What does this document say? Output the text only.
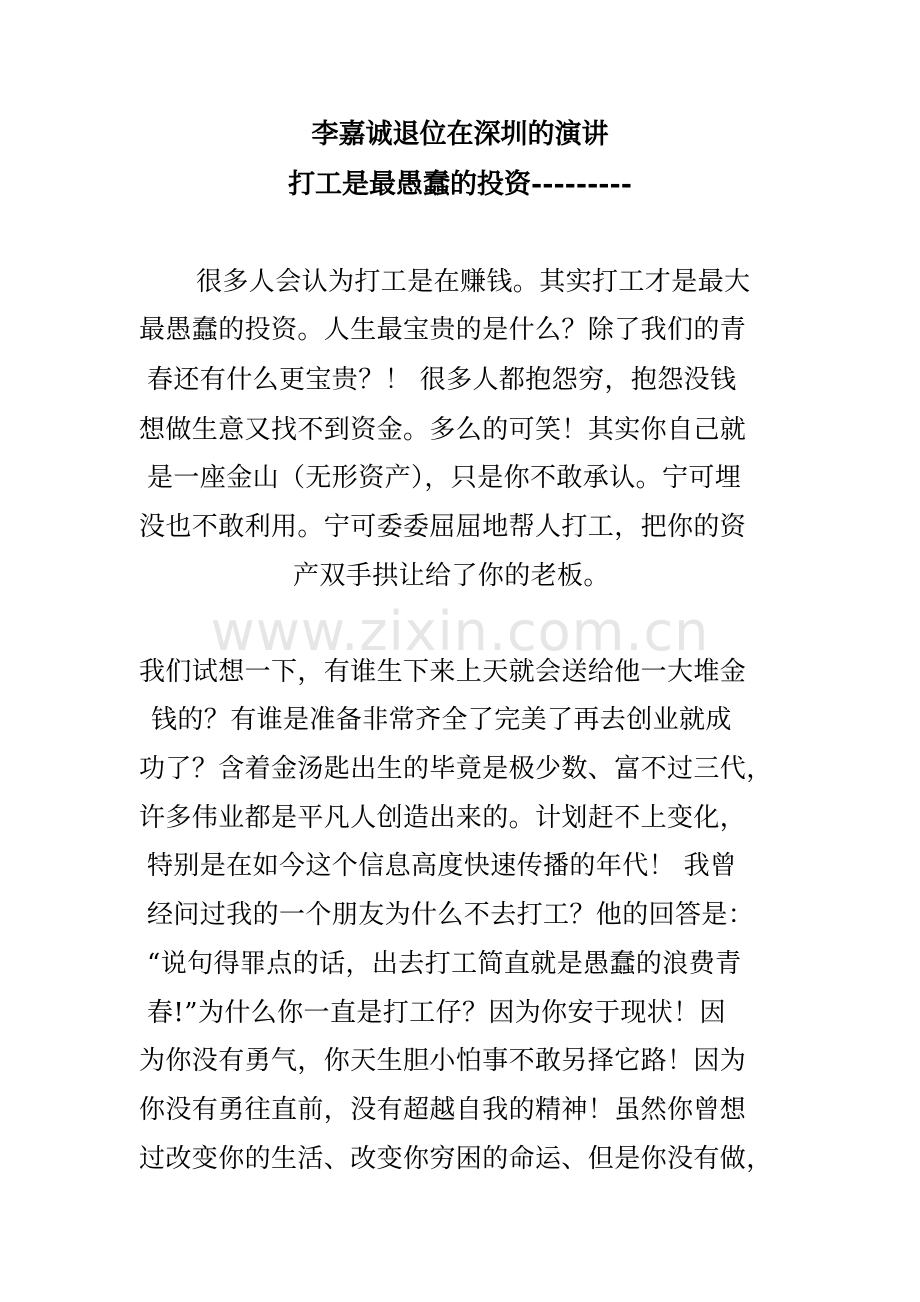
李嘉诚退位在深圳的演讲
打工是最愚蠢的投资---------
www.zixin.com.cn
很多人会认为打工是在赚钱。其实打工才是最大
最愚蠢的投资。人生最宝贵的是什么？除了我们的青
春还有什么更宝贵？！ 很多人都抱怨穷，抱怨没钱
想做生意又找不到资金。多么的可笑！其实你自己就
是一座金山（无形资产），只是你不敢承认。宁可埋
没也不敢利用。宁可委委屈屈地帮人打工，把你的资
产双手拱让给了你的老板。
我们试想一下，有谁生下来上天就会送给他一大堆金
钱的？有谁是准备非常齐全了完美了再去创业就成
功了？含着金汤匙出生的毕竟是极少数、富不过三代，
许多伟业都是平凡人创造出来的。计划赶不上变化，
特别是在如今这个信息高度快速传播的年代！ 我曾
经问过我的一个朋友为什么不去打工？他的回答是：
“说句得罪点的话，出去打工简直就是愚蠢的浪费青
春!”为什么你一直是打工仔？因为你安于现状！因
为你没有勇气，你天生胆小怕事不敢另择它路！因为
你没有勇往直前，没有超越自我的精神！虽然你曾想
过改变你的生活、改变你穷困的命运、但是你没有做，
